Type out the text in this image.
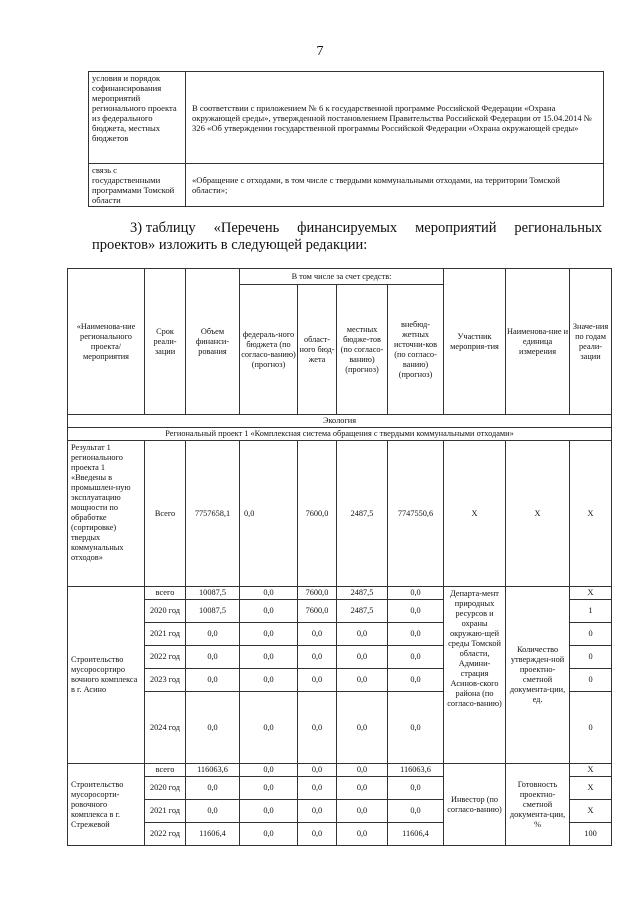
7
условия и порядок софинансирования мероприятий регионального проекта из федерального бюджета, местных бюджетов	В соответствии с приложением № 6 к государственной программе Российской Федерации «Охрана окружающей среды», утвержденной постановлением Правительства Российской Федерации от 15.04.2014 № 326 «Об утверждении государственной программы Российской Федерации «Охрана окружающей среды»
связь с государственными программами Томской области	«Обращение с отходами, в том числе с твердыми коммунальными отходами, на территории Томской области»;
3) таблицу «Перечень финансируемых мероприятий региональных
проектов» изложить в следующей редакции:
«Наименова-ние регионального проекта/ мероприятия	Срок реали-зации	Объем финанси-рования	В том числе за счет средств:				Участник мероприя-тия	Наименова-ние и единица измерения	Значе-ния по годам реали-зации
			федераль-ного бюджета (по согласо-ванию) (прогноз)	област-ного бюд-жета	местных бюдже-тов (по согласо-ванию) (прогноз)	внебюд-жетных источни-ков (по согласо-ванию) (прогноз)			
Экология									
Региональный проект 1 «Комплексная система обращения с твердыми коммунальными отходами»									
Результат 1 регионального проекта 1 «Введены в промышлен-ную эксплуатацию мощности по обработке (сортировке) твердых коммунальных отходов»	Всего	7757658,1	0,0	7600,0	2487,5	7747550,6	Х	Х	Х
Строительство мусоросортиро вочного комплекса в г. Асино	всего	10087,5	0,0	7600,0	2487,5	0,0	Департа-мент природных ресурсов и охраны окружаю-щей среды Томской области, Админи-страция Асинов-ского района (по согласо-ванию)	Количество утвержден-ной проектно-сметной документа-ции, ед.	Х
	2020 год	10087,5	0,0	7600,0	2487,5	0,0			1
	2021 год	0,0	0,0	0,0	0,0	0,0			0
	2022 год	0,0	0,0	0,0	0,0	0,0			0
	2023 год	0,0	0,0	0,0	0,0	0,0			0
	2024 год	0,0	0,0	0,0	0,0	0,0			0
Строительство мусоросорти-ровочного комплекса в г. Стрежевой	всего	116063,6	0,0	0,0	0,0	116063,6	Инвестор (по согласо-ванию)	Готовность проектно-сметной документа-ции, %	Х
	2020 год	0,0	0,0	0,0	0,0	0,0			Х
	2021 год	0,0	0,0	0,0	0,0	0,0			Х
	2022 год	11606,4	0,0	0,0	0,0	11606,4			100
